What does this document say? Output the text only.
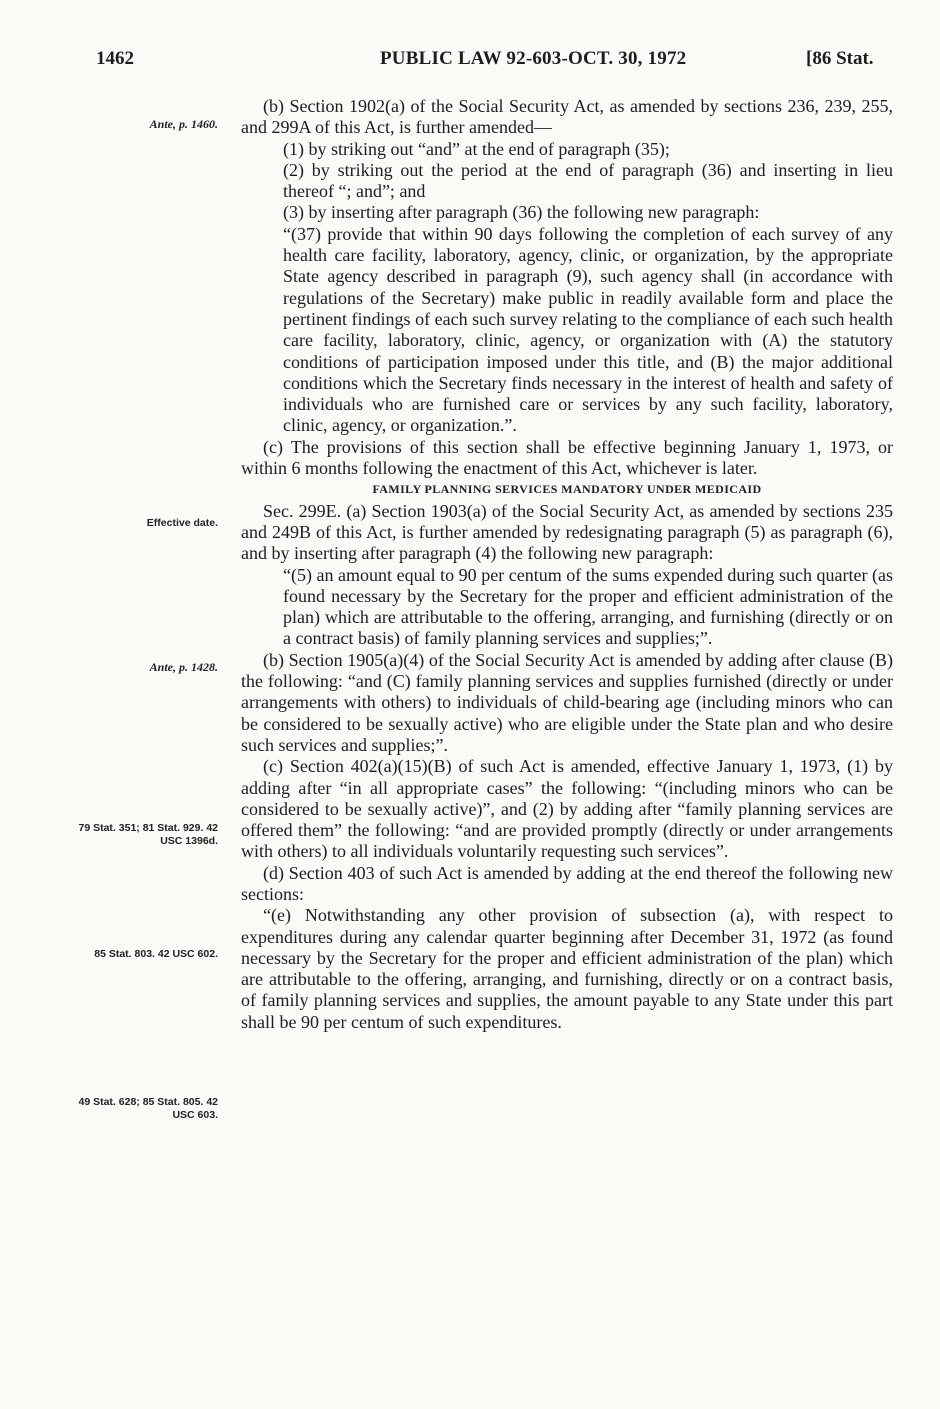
1462	PUBLIC LAW 92-603-OCT. 30, 1972	[86 Stat.
Ante, p. 1460.
Effective date.
Ante, p. 1428.
79 Stat. 351; 81 Stat. 929. 42 USC 1396d.
85 Stat. 803. 42 USC 602.
49 Stat. 628; 85 Stat. 805. 42 USC 603.

(b) Section 1902(a) of the Social Security Act, as amended by sections 236, 239, 255, and 299A of this Act, is further amended—

(1) by striking out “and” at the end of paragraph (35);

(2) by striking out the period at the end of paragraph (36) and inserting in lieu thereof “; and”; and

(3) by inserting after paragraph (36) the following new paragraph:

“(37) provide that within 90 days following the completion of each survey of any health care facility, laboratory, agency, clinic, or organization, by the appropriate State agency described in paragraph (9), such agency shall (in accordance with regulations of the Secretary) make public in readily available form and place the pertinent findings of each such survey relating to the compliance of each such health care facility, laboratory, clinic, agency, or organization with (A) the statutory conditions of participation imposed under this title, and (B) the major additional conditions which the Secretary finds necessary in the interest of health and safety of individuals who are furnished care or services by any such facility, laboratory, clinic, agency, or organization.”.

(c) The provisions of this section shall be effective beginning January 1, 1973, or within 6 months following the enactment of this Act, whichever is later.

FAMILY PLANNING SERVICES MANDATORY UNDER MEDICAID

Sec. 299E. (a) Section 1903(a) of the Social Security Act, as amended by sections 235 and 249B of this Act, is further amended by redesignating paragraph (5) as paragraph (6), and by inserting after paragraph (4) the following new paragraph:

“(5) an amount equal to 90 per centum of the sums expended during such quarter (as found necessary by the Secretary for the proper and efficient administration of the plan) which are attributable to the offering, arranging, and furnishing (directly or on a contract basis) of family planning services and supplies;”.

(b) Section 1905(a)(4) of the Social Security Act is amended by adding after clause (B) the following: “and (C) family planning services and supplies furnished (directly or under arrangements with others) to individuals of child-bearing age (including minors who can be considered to be sexually active) who are eligible under the State plan and who desire such services and supplies;”.

(c) Section 402(a)(15)(B) of such Act is amended, effective January 1, 1973, (1) by adding after “in all appropriate cases” the following: “(including minors who can be considered to be sexually active)”, and (2) by adding after “family planning services are offered them” the following: “and are provided promptly (directly or under arrangements with others) to all individuals voluntarily requesting such services”.

(d) Section 403 of such Act is amended by adding at the end thereof the following new sections:

“(e) Notwithstanding any other provision of subsection (a), with respect to expenditures during any calendar quarter beginning after December 31, 1972 (as found necessary by the Secretary for the proper and efficient administration of the plan) which are attributable to the offering, arranging, and furnishing, directly or on a contract basis, of family planning services and supplies, the amount payable to any State under this part shall be 90 per centum of such expenditures.
